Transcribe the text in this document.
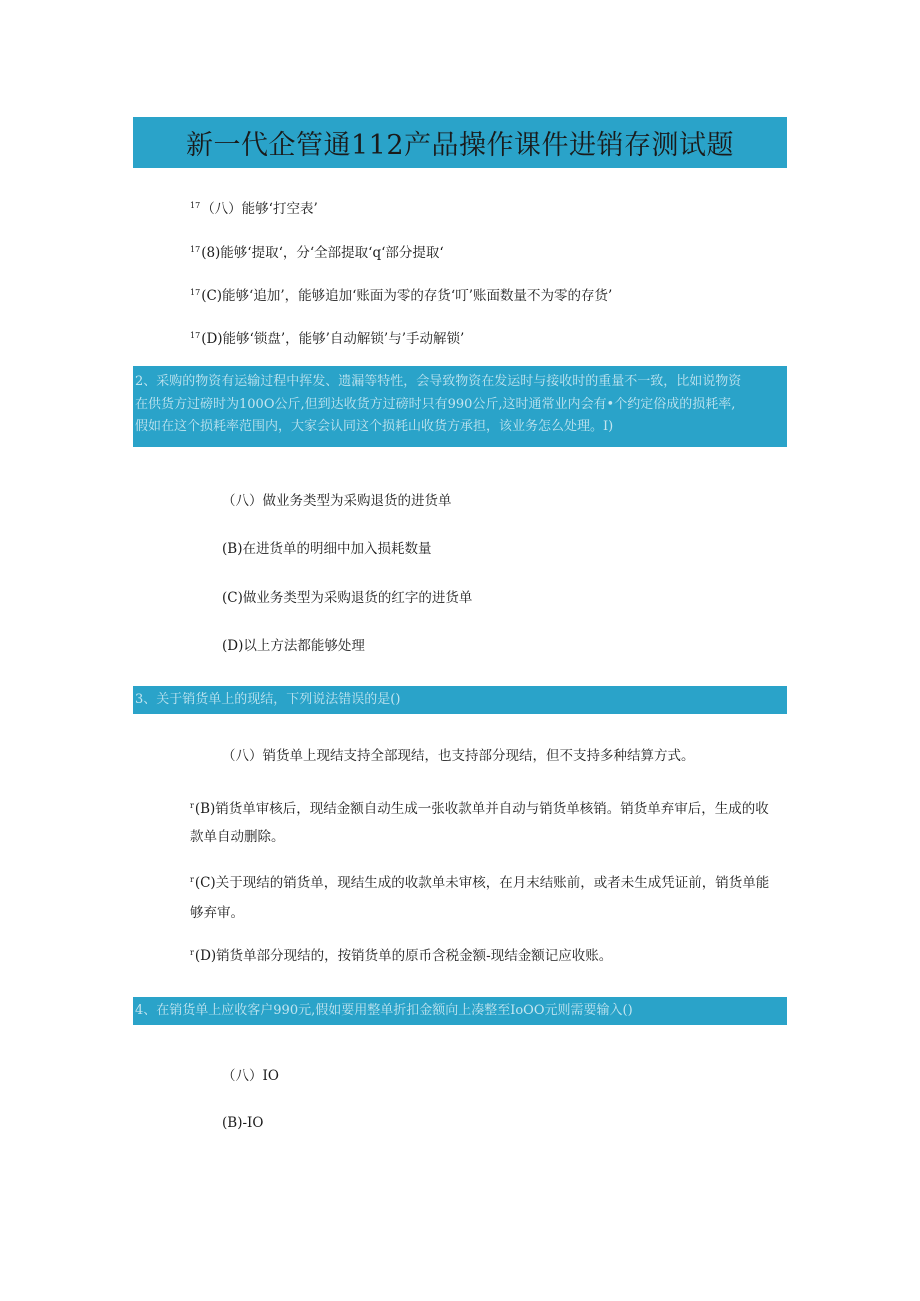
新一代企管通112产品操作课件进销存测试题
$^{17}$（八）能够‘打空表’
$^{17}$(8)能够‘提取‘，分‘全部提取‘q‘部分提取‘
$^{17}$(C)能够‘追加’，能够追加‘账面为零的存货‘叮’账面数量不为零的存货’
$^{17}$(D)能够‘锁盘’，能够’自动解锁’与’手动解锁’
2、采购的物资有运输过程中挥发、遗漏等特性，会导致物资在发运时与接收时的重量不一致，比如说物资
在供货方过磅时为100O公斤,但到达收货方过磅时只有990公斤,这时通常业内会有•个约定俗成的损耗率,
假如在这个损耗率范围内，大家会认同这个损耗山收货方承担，该业务怎么处理。I)
（八）做业务类型为采购退货的进货单
(B)在进货单的明细中加入损耗数量
(C)做业务类型为采购退货的红字的进货单
(D)以上方法都能够处理
3、关于销货单上的现结，下列说法错误的是()
（八）销货单上现结支持全部现结，也支持部分现结，但不支持多种结算方式。
$^r$(B)销货单审核后，现结金额自动生成一张收款单并自动与销货单核销。销货单弃审后，生成的收
款单自动删除。
$^r$(C)关于现结的销货单，现结生成的收款单未审核，在月末结账前，或者未生成凭证前，销货单能
够弃审。
$^r$(D)销货单部分现结的，按销货单的原币含税金额-现结金额记应收账。
4、在销货单上应收客户990元,假如要用整单折扣金额向上凑整至IoOO元则需要输入()
（八）IO
(B)-IO
